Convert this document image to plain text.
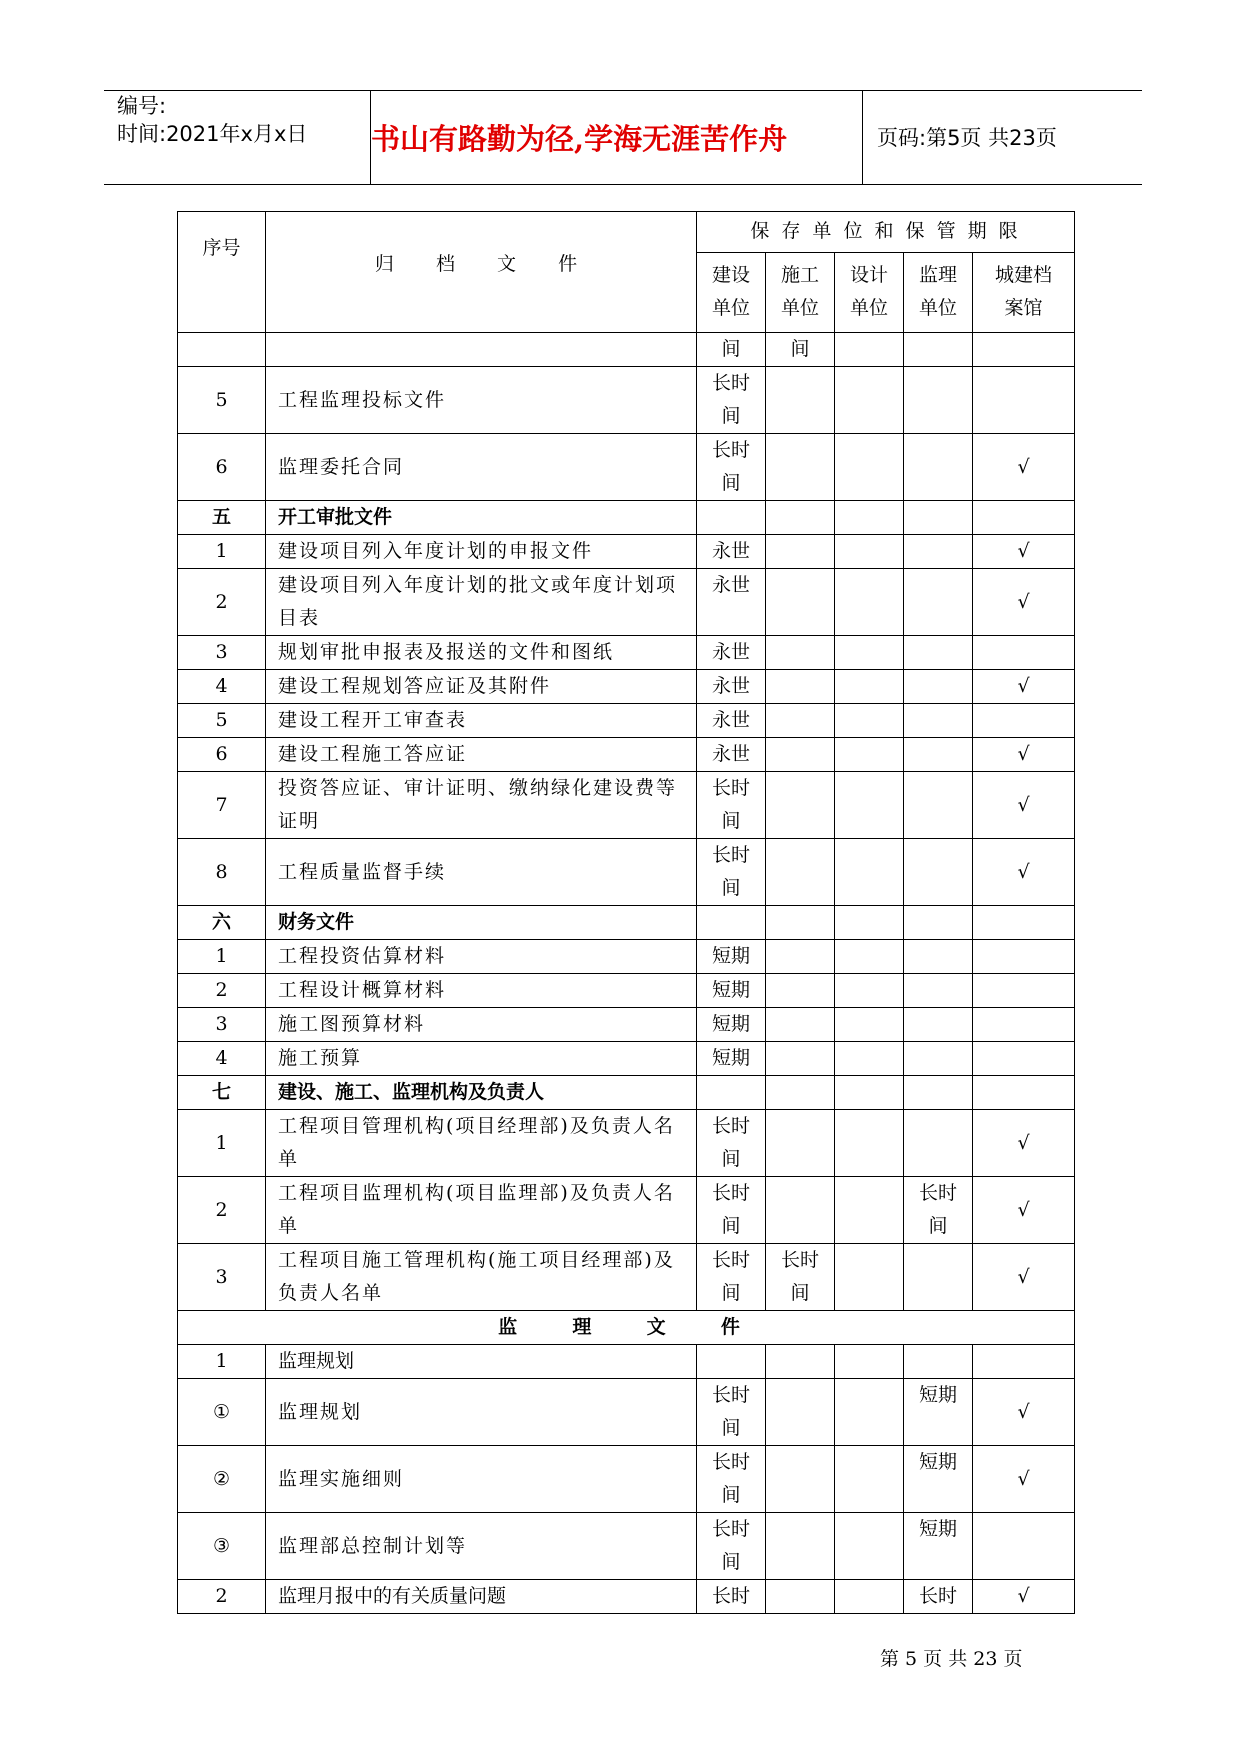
编号:
时间:2021年x月x日 书山有路勤为径,学海无涯苦作舟	页码:第5页 共23页
序号	归  档  文  件	保 存 单 位 和 保 管 期 限				
		建设单位	施工单位	设计单位	监理单位	城建档案馆
		间	间			
5	工程监理投标文件	长时间				
6	监理委托合同	长时间				√
五	开工审批文件					
1	建设项目列入年度计划的申报文件	永世				√
2	建设项目列入年度计划的批文或年度计划项目表	永世				√
3	规划审批申报表及报送的文件和图纸	永世				
4	建设工程规划答应证及其附件	永世				√
5	建设工程开工审查表	永世				
6	建设工程施工答应证	永世				√
7	投资答应证、审计证明、缴纳绿化建设费等证明	长时间				√
8	工程质量监督手续	长时间				√
六	财务文件					
1	工程投资估算材料	短期				
2	工程设计概算材料	短期				
3	施工图预算材料	短期				
4	施工预算	短期				
七	建设、施工、监理机构及负责人					
1	工程项目管理机构(项目经理部)及负责人名单	长时间				√
2	工程项目监理机构(项目监理部)及负责人名单	长时间			长时间	√
3	工程项目施工管理机构(施工项目经理部)及负责人名单	长时间	长时间			√
监  理  文  件						
1	监理规划					
①	监理规划	长时间			短期	√
②	监理实施细则	长时间			短期	√
③	监理部总控制计划等	长时间			短期	
2	监理月报中的有关质量问题	长时			长时	√
第 5 页 共 23 页
